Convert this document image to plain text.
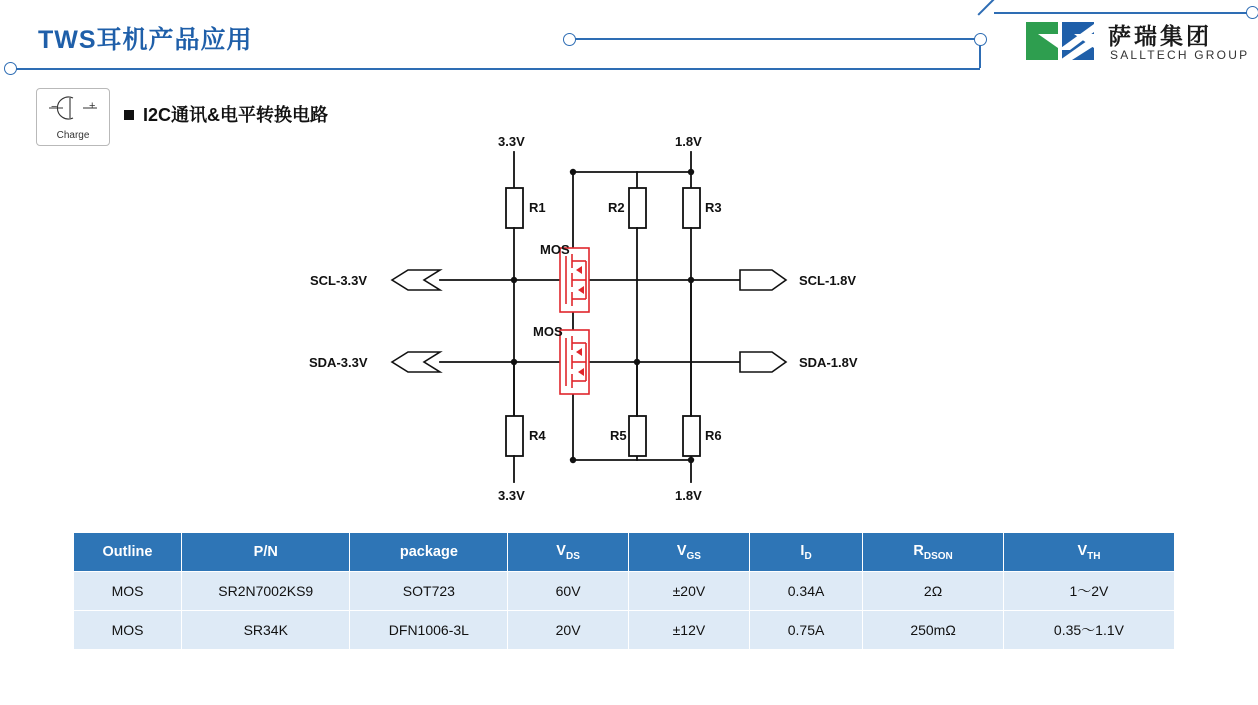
TWS耳机产品应用	萨瑞集团
SALLTECH GROUP
−	+
Charge
I2C通讯&电平转换电路
3.3V	1.8V
3.3V	1.8V
R1	R2	R3
R4	R5	R6
MOS
MOS
SCL-3.3V
SDA-3.3V
SCL-1.8V
SDA-1.8V
Outline	P/N	package	$V_{DS}$	$V_{GS}$	$I_D$	$R_{DSON}$	$V_{TH}$
MOS	SR2N7002KS9	SOT723	60V	±20V	0.34A	2Ω	1～2V
MOS	SR34K	DFN1006-3L	20V	±12V	0.75A	250mΩ	0.35～1.1V
